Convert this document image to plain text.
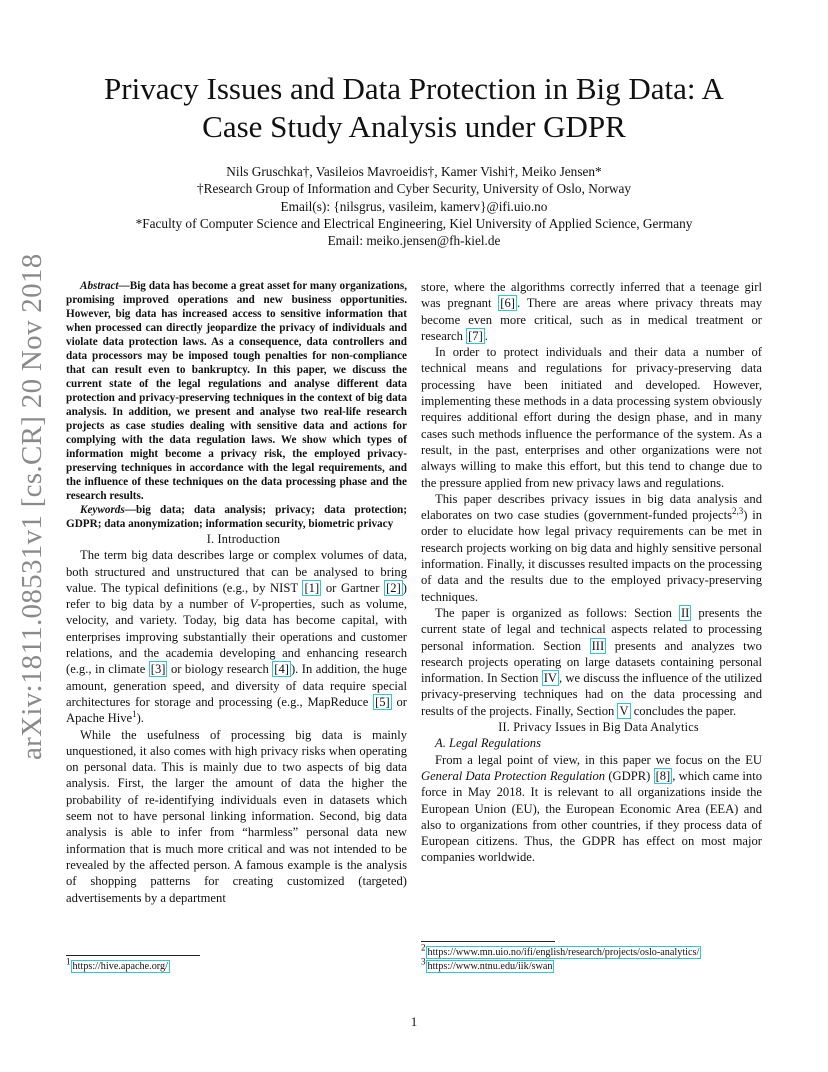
arXiv:1811.08531v1 [cs.CR] 20 Nov 2018
Privacy Issues and Data Protection in Big Data: A
Case Study Analysis under GDPR
Nils Gruschka†, Vasileios Mavroeidis†, Kamer Vishi†, Meiko Jensen*
†Research Group of Information and Cyber Security, University of Oslo, Norway
Email(s): {nilsgrus, vasileim, kamerv}@ifi.uio.no
*Faculty of Computer Science and Electrical Engineering, Kiel University of Applied Science, Germany
Email: meiko.jensen@fh-kiel.de

Abstract—Big data has become a great asset for many organizations, promising improved operations and new business opportunities. However, big data has increased access to sensitive information that when processed can directly jeopardize the privacy of individuals and violate data protection laws. As a consequence, data controllers and data processors may be imposed tough penalties for non-compliance that can result even to bankruptcy. In this paper, we discuss the current state of the legal regulations and analyse different data protection and privacy-preserving techniques in the context of big data analysis. In addition, we present and analyse two real-life research projects as case studies dealing with sensitive data and actions for complying with the data regulation laws. We show which types of information might become a privacy risk, the employed privacy-preserving techniques in accordance with the legal requirements, and the influence of these techniques on the data processing phase and the research results.

Keywords—big data; data analysis; privacy; data protection; GDPR; data anonymization; information security, biometric privacy

I. Introduction

The term big data describes large or complex volumes of data, both structured and unstructured that can be analysed to bring value. The typical definitions (e.g., by NIST [1] or Gartner [2] ) refer to big data by a number of V-properties, such as volume, velocity, and variety. Today, big data has become capital, with enterprises improving substantially their operations and customer relations, and the academia developing and enhancing research (e.g., in climate [3] or biology research [4] ). In addition, the huge amount, generation speed, and diversity of data require special architectures for storage and processing (e.g., MapReduce [5] or Apache Hive$^1$).

While the usefulness of processing big data is mainly unquestioned, it also comes with high privacy risks when operating on personal data. This is mainly due to two aspects of big data analysis. First, the larger the amount of data the higher the probability of re-identifying individuals even in datasets which seem not to have personal linking information. Second, big data analysis is able to infer from “harmless” personal data new information that is much more critical and was not intended to be revealed by the affected person. A famous example is the analysis of shopping patterns for creating customized (targeted) advertisements by a department

store, where the algorithms correctly inferred that a teenage girl was pregnant [6] . There are areas where privacy threats may become even more critical, such as in medical treatment or research [7] .

In order to protect individuals and their data a number of technical means and regulations for privacy-preserving data processing have been initiated and developed. However, implementing these methods in a data processing system obviously requires additional effort during the design phase, and in many cases such methods influence the performance of the system. As a result, in the past, enterprises and other organizations were not always willing to make this effort, but this tend to change due to the pressure applied from new privacy laws and regulations.

This paper describes privacy issues in big data analysis and elaborates on two case studies (government-funded projects$^{2,3}$) in order to elucidate how legal privacy requirements can be met in research projects working on big data and highly sensitive personal information. Finally, it discusses resulted impacts on the processing of data and the results due to the employed privacy-preserving techniques.

The paper is organized as follows: Section II presents the current state of legal and technical aspects related to processing personal information. Section III presents and analyzes two research projects operating on large datasets containing personal information. In Section IV , we discuss the influence of the utilized privacy-preserving techniques had on the data processing and results of the projects. Finally, Section V concludes the paper.

II. Privacy Issues in Big Data Analytics

A. Legal Regulations

From a legal point of view, in this paper we focus on the EU General Data Protection Regulation (GDPR) [8] , which came into force in May 2018. It is relevant to all organizations inside the European Union (EU), the European Economic Area (EEA) and also to organizations from other countries, if they process data of European citizens. Thus, the GDPR has effect on most major companies worldwide.

$^1$ https://hive.apache.org/
$^2$ https://www.mn.uio.no/ifi/english/research/projects/oslo-analytics/
$^3$ https://www.ntnu.edu/iik/swan
1
